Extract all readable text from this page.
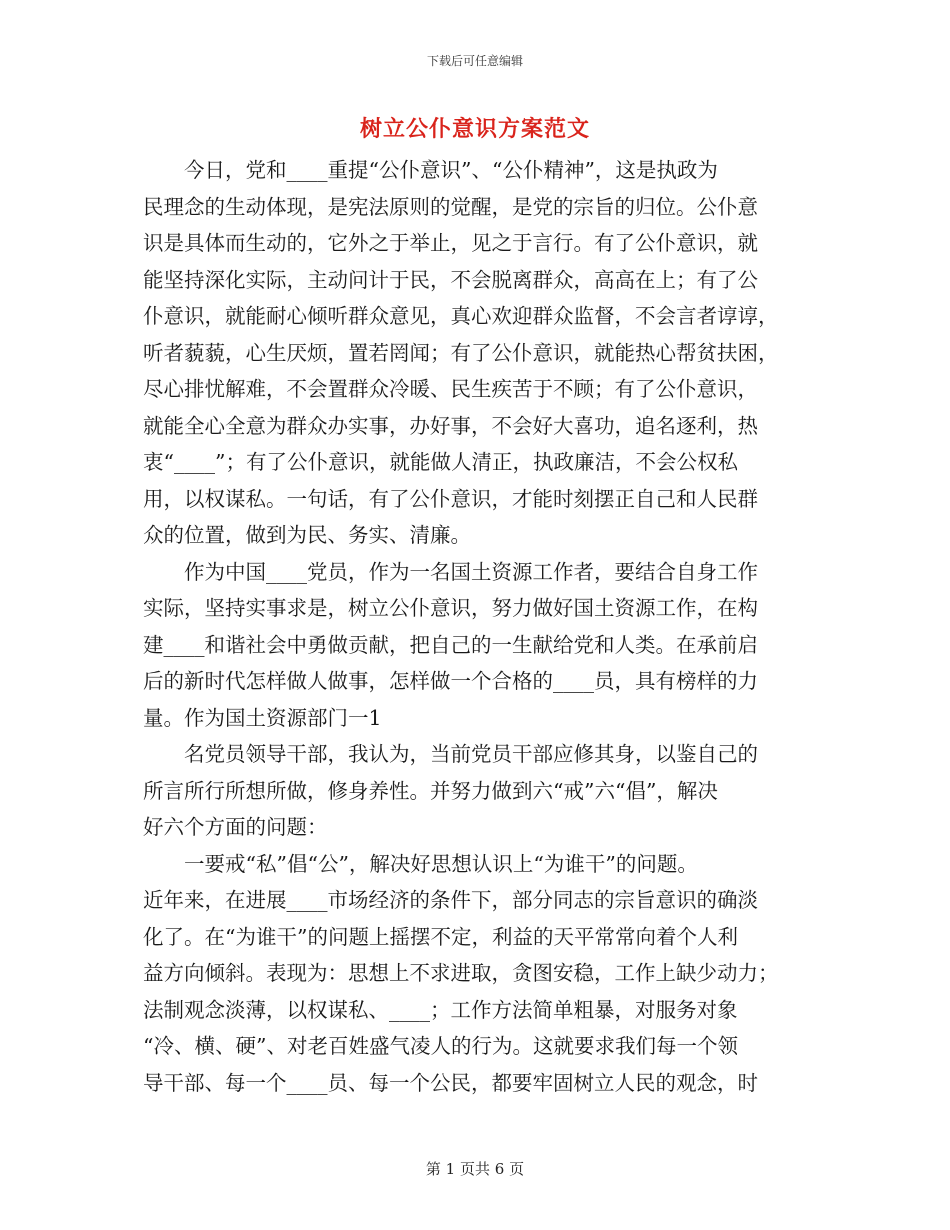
下载后可任意编辑
树立公仆意识方案范文
今日，党和____重提“公仆意识”、“公仆精神”，这是执政为
民理念的生动体现，是宪法原则的觉醒，是党的宗旨的归位。公仆意
识是具体而生动的，它外之于举止，见之于言行。有了公仆意识，就
能坚持深化实际，主动问计于民，不会脱离群众，高高在上；有了公
仆意识，就能耐心倾听群众意见，真心欢迎群众监督，不会言者谆谆，
听者藐藐，心生厌烦，置若罔闻；有了公仆意识，就能热心帮贫扶困，
尽心排忧解难，不会置群众冷暖、民生疾苦于不顾；有了公仆意识，
就能全心全意为群众办实事，办好事，不会好大喜功，追名逐利，热
衷“____”；有了公仆意识，就能做人清正，执政廉洁，不会公权私
用，以权谋私。一句话，有了公仆意识，才能时刻摆正自己和人民群
众的位置，做到为民、务实、清廉。
作为中国____党员，作为一名国土资源工作者，要结合自身工作
实际，坚持实事求是，树立公仆意识，努力做好国土资源工作，在构
建____和谐社会中勇做贡献，把自己的一生献给党和人类。在承前启
后的新时代怎样做人做事，怎样做一个合格的____员，具有榜样的力
量。作为国土资源部门一1
名党员领导干部，我认为，当前党员干部应修其身，以鉴自己的
所言所行所想所做，修身养性。并努力做到六“戒”六“倡”，解决
好六个方面的问题：
一要戒“私”倡“公”，解决好思想认识上“为谁干”的问题。
近年来，在进展____市场经济的条件下，部分同志的宗旨意识的确淡
化了。在“为谁干”的问题上摇摆不定，利益的天平常常向着个人利
益方向倾斜。表现为：思想上不求进取，贪图安稳，工作上缺少动力；
法制观念淡薄，以权谋私、____；工作方法简单粗暴，对服务对象
“冷、横、硬”、对老百姓盛气凌人的行为。这就要求我们每一个领
导干部、每一个____员、每一个公民，都要牢固树立人民的观念，时
第 1 页共 6 页
